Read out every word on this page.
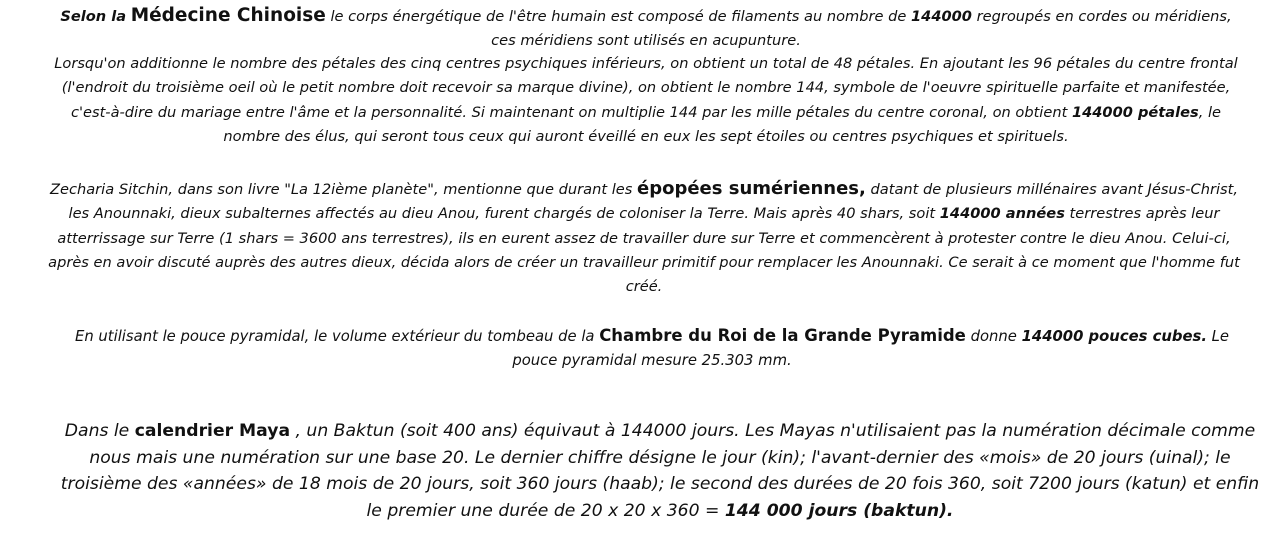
Selon la Médecine Chinoise le corps énergétique de l'être humain est composé de filaments au nombre de 144000 regroupés en cordes ou méridiens, ces méridiens sont utilisés en acupunture.

Lorsqu'on additionne le nombre des pétales des cinq centres psychiques inférieurs, on obtient un total de 48 pétales. En ajoutant les 96 pétales du centre frontal (l'endroit du troisième oeil où le petit nombre doit recevoir sa marque divine), on obtient le nombre 144, symbole de l'oeuvre spirituelle parfaite et manifestée, c'est-à-dire du mariage entre l'âme et la personnalité. Si maintenant on multiplie 144 par les mille pétales du centre coronal, on obtient 144000 pétales, le nombre des élus, qui seront tous ceux qui auront éveillé en eux les sept étoiles ou centres psychiques et spirituels.

Zecharia Sitchin, dans son livre "La 12ième planète", mentionne que durant les épopées sumériennes, datant de plusieurs millénaires avant Jésus-Christ, les Anounnaki, dieux subalternes affectés au dieu Anou, furent chargés de coloniser la Terre. Mais après 40 shars, soit 144000 années terrestres après leur atterrissage sur Terre (1 shars = 3600 ans terrestres), ils en eurent assez de travailler dure sur Terre et commencèrent à protester contre le dieu Anou. Celui-ci, après en avoir discuté auprès des autres dieux, décida alors de créer un travailleur primitif pour remplacer les Anounnaki. Ce serait à ce moment que l'homme fut créé.

En utilisant le pouce pyramidal, le volume extérieur du tombeau de la Chambre du Roi de la Grande Pyramide donne 144000 pouces cubes. Le pouce pyramidal mesure 25.303 mm.

Dans le calendrier Maya , un Baktun (soit 400 ans) équivaut à 144000 jours. Les Mayas n'utilisaient pas la numération décimale comme nous mais une numération sur une base 20. Le dernier chiffre désigne le jour (kin); l'avant-dernier des «mois» de 20 jours (uinal); le troisième des «années» de 18 mois de 20 jours, soit 360 jours (haab); le second des durées de 20 fois 360, soit 7200 jours (katun) et enfin le premier une durée de 20 x 20 x 360 = 144 000 jours (baktun).
